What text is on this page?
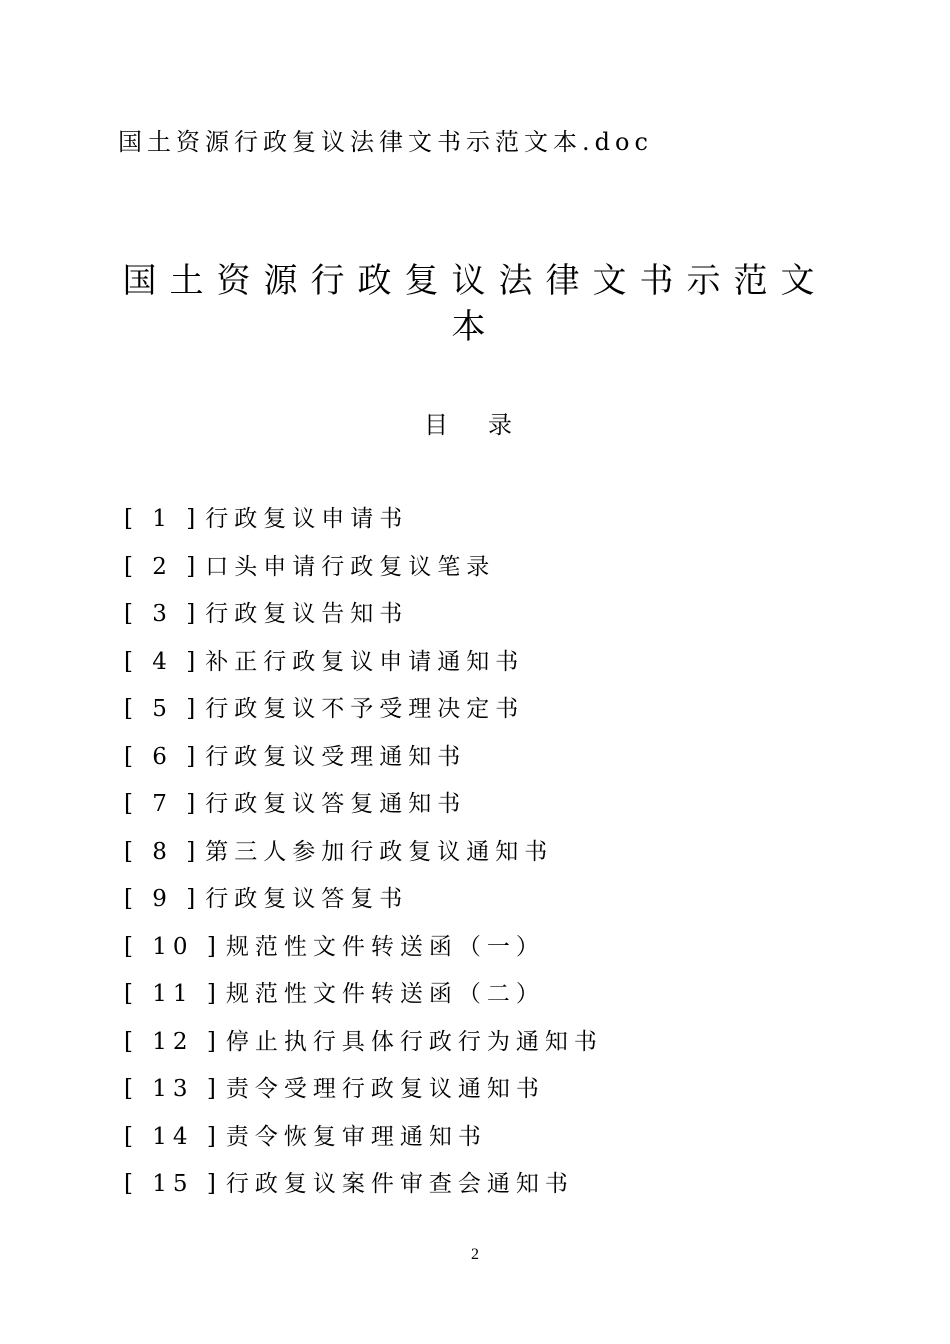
国土资源行政复议法律文书示范文本.doc
国土资源行政复议法律文书示范文本
目录
[ 1 ] 行政复议申请书
[ 2 ] 口头申请行政复议笔录
[ 3 ] 行政复议告知书
[ 4 ] 补正行政复议申请通知书
[ 5 ] 行政复议不予受理决定书
[ 6 ] 行政复议受理通知书
[ 7 ] 行政复议答复通知书
[ 8 ] 第三人参加行政复议通知书
[ 9 ] 行政复议答复书
[ 10 ] 规范性文件转送函（一）
[ 11 ] 规范性文件转送函（二）
[ 12 ] 停止执行具体行政行为通知书
[ 13 ] 责令受理行政复议通知书
[ 14 ] 责令恢复审理通知书
[ 15 ] 行政复议案件审查会通知书
2
